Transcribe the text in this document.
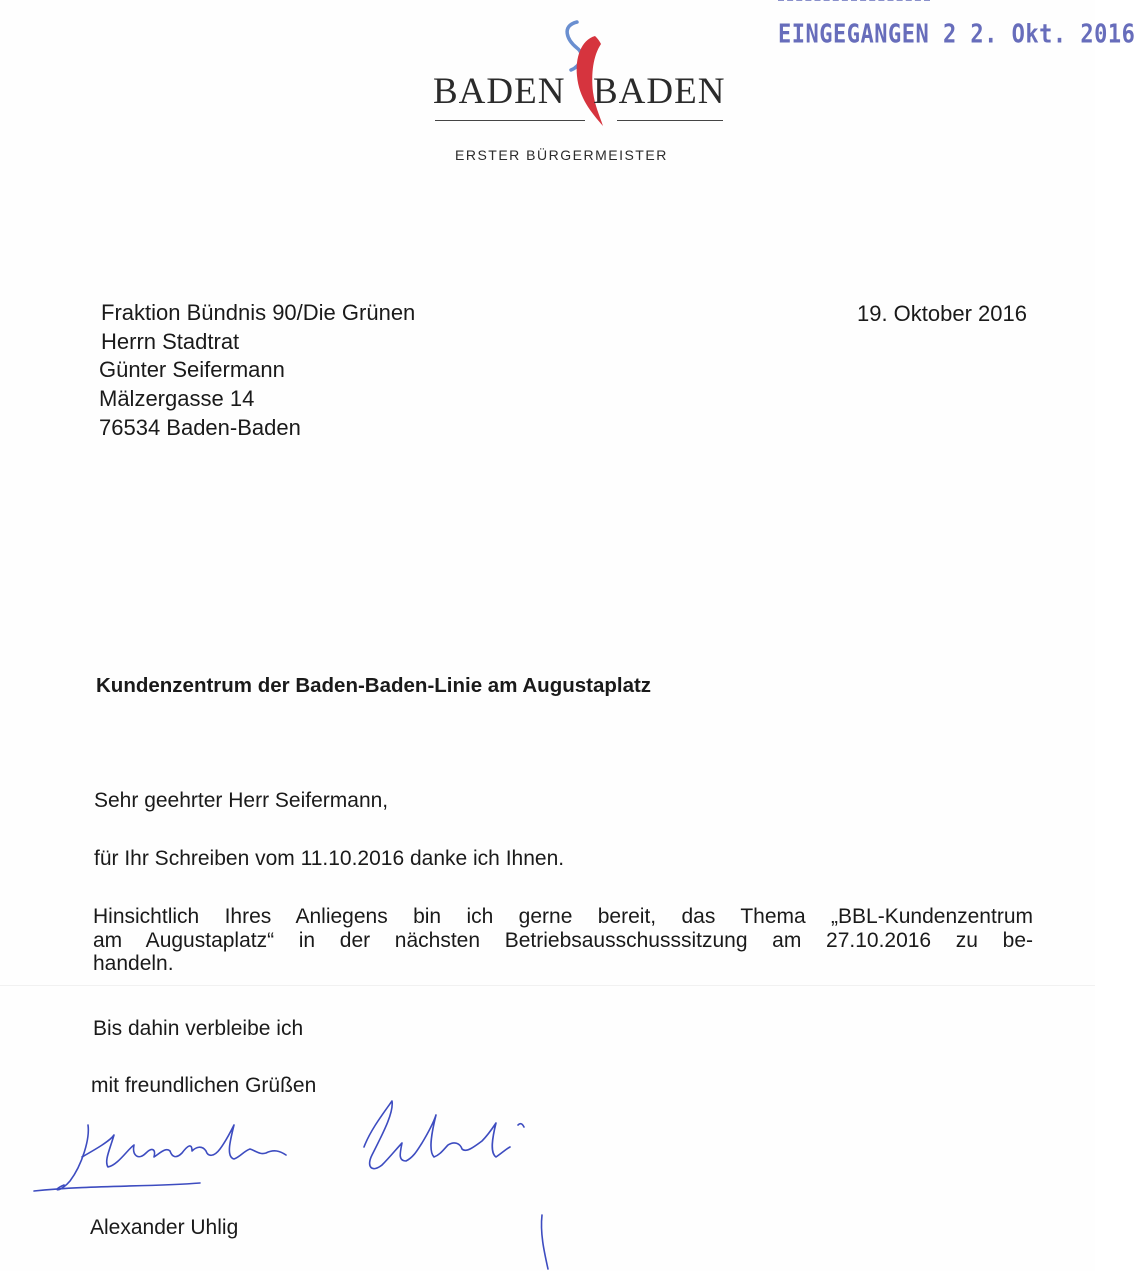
EINGEGANGEN 2 2. Okt. 2016
BADEN BADEN
ERSTER BÜRGERMEISTER
Fraktion Bündnis 90/Die Grünen
Herrn Stadtrat
Günter Seifermann
Mälzergasse 14
76534 Baden-Baden
19. Oktober 2016
Kundenzentrum der Baden-Baden-Linie am Augustaplatz
Sehr geehrter Herr Seifermann,
für Ihr Schreiben vom 11.10.2016 danke ich Ihnen.
Hinsichtlich Ihres Anliegens bin ich gerne bereit, das Thema „BBL-Kundenzentrum
am Augustaplatz“ in der nächsten Betriebsausschusssitzung am 27.10.2016 zu be-
handeln.
Bis dahin verbleibe ich
mit freundlichen Grüßen
Alexander Uhlig
